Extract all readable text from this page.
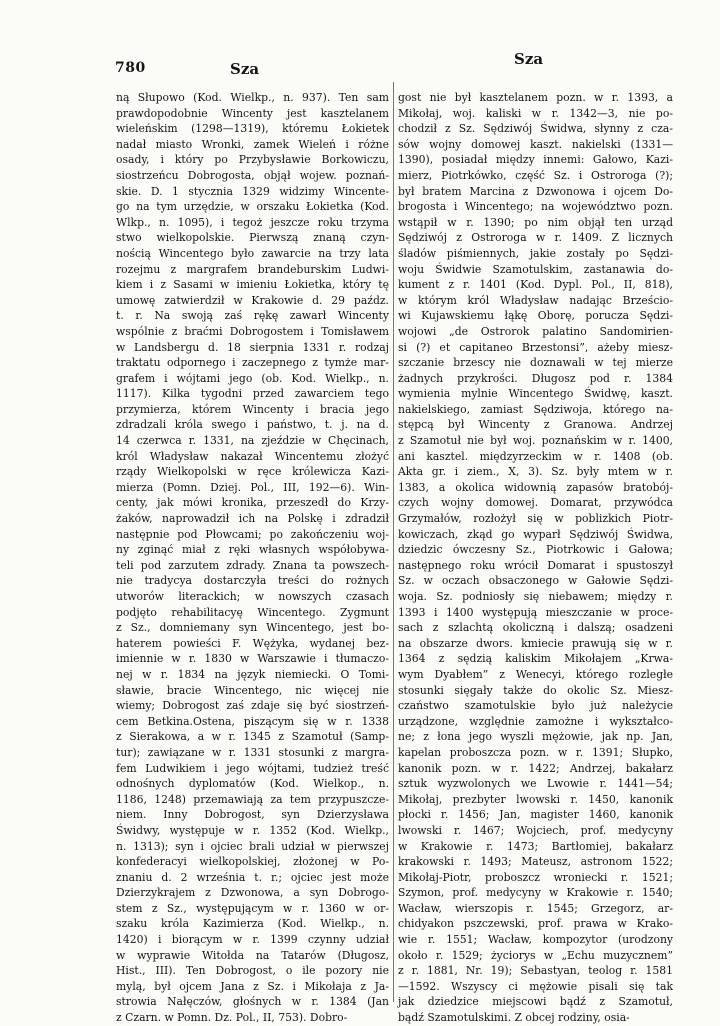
780	Sza
Sza
ną Słupowo (Kod. Wielkp., n. 937). Ten sam
prawdopodobnie Wincenty jest kasztelanem
wieleńskim (1298—1319), któremu Łokietek
nadał miasto Wronki, zamek Wieleń i różne
osady, i który po Przybysławie Borkowiczu,
siostrzeńcu Dobrogosta, objął wojew. poznań-
skie. D. 1 stycznia 1329 widzimy Wincente-
go na tym urzędzie, w orszaku Łokietka (Kod.
Wlkp., n. 1095), i tegoż jeszcze roku trzyma
stwo wielkopolskie. Pierwszą znaną czyn-
nością Wincentego było zawarcie na trzy lata
rozejmu z margrafem brandeburskim Ludwi-
kiem i z Sasami w imieniu Łokietka, który tę
umowę zatwierdził w Krakowie d. 29 paźdz.
t. r. Na swoją zaś rękę zawarł Wincenty
wspólnie z braćmi Dobrogostem i Tomisławem
w Landsbergu d. 18 sierpnia 1331 r. rodzaj
traktatu odpornego i zaczepnego z tymże mar-
grafem i wójtami jego (ob. Kod. Wielkp., n.
1117). Kilka tygodni przed zawarciem tego
przymierza, którem Wincenty i bracia jego
zdradzali króla swego i państwo, t. j. na d.
14 czerwca r. 1331, na zjeździe w Chęcinach,
król Władysław nakazał Wincentemu złożyć
rządy Wielkopolski w ręce królewicza Kazi-
mierza (Pomn. Dziej. Pol., III, 192—6). Win-
centy, jak mówi kronika, przeszedł do Krzy-
żaków, naprowadził ich na Polskę i zdradził
następnie pod Płowcami; po zakończeniu woj-
ny zginąć miał z ręki własnych współobywa-
teli pod zarzutem zdrady. Znana ta powszech-
nie tradycya dostarczyła treści do rożnych
utworów literackich; w nowszych czasach
podjęto rehabilitacyę Wincentego. Zygmunt
z Sz., domniemany syn Wincentego, jest bo-
haterem powieści F. Wężyka, wydanej bez-
imiennie w r. 1830 w Warszawie i tłumaczo-
nej w r. 1834 na język niemiecki. O Tomi-
sławie, bracie Wincentego, nic więcej nie
wiemy; Dobrogost zaś zdaje się być siostrzeń-
cem Betkina.Ostena, piszącym się w r. 1338
z Sierakowa, a w r. 1345 z Szamotuł (Samp-
tur); zawiązane w r. 1331 stosunki z margra-
fem Ludwikiem i jego wójtami, tudzież treść
odnośnych dyplomatów (Kod. Wielkop., n.
1186, 1248) przemawiają za tem przypuszcze-
niem. Inny Dobrogost, syn Dzierzysława
Świdwy, występuje w r. 1352 (Kod. Wielkp.,
n. 1313); syn i ojciec brali udział w pierwszej
konfederacyi wielkopolskiej, złożonej w Po-
znaniu d. 2 września t. r.; ojciec jest może
Dzierzykrajem z Dzwonowa, a syn Dobrogo-
stem z Sz., występującym w r. 1360 w or-
szaku króla Kazimierza (Kod. Wielkp., n.
1420) i biorącym w r. 1399 czynny udział
w wyprawie Witołda na Tatarów (Długosz,
Hist., III). Ten Dobrogost, o ile pozory nie
mylą, był ojcem Jana z Sz. i Mikołaja z Ja-
strowia Nałęczów, głośnych w r. 1384 (Jan
z Czarn. w Pomn. Dz. Pol., II, 753). Dobro-
gost nie był kasztelanem pozn. w r. 1393, a
Mikołaj, woj. kaliski w r. 1342—3, nie po-
chodził z Sz. Sędziwój Świdwa, słynny z cza-
sów wojny domowej kaszt. nakielski (1331—
1390), posiadał między innemi: Gałowo, Kazi-
mierz, Piotrkówko, część Sz. i Ostroroga (?);
był bratem Marcina z Dzwonowa i ojcem Do-
brogosta i Wincentego; na województwo pozn.
wstąpił w r. 1390; po nim objął ten urząd
Sędziwój z Ostroroga w r. 1409. Z licznych
śladów piśmiennych, jakie zostały po Sędzi-
woju Świdwie Szamotulskim, zastanawia do-
kument z r. 1401 (Kod. Dypl. Pol., II, 818),
w którym król Władysław nadając Brześcio-
wi Kujawskiemu łąkę Oborę, porucza Sędzi-
wojowi „de Ostrorok palatino Sandomirien-
si (?) et capitaneo Brzestonsi”, ażeby miesz-
szczanie brzescy nie doznawali w tej mierze
żadnych przykrości. Długosz pod r. 1384
wymienia mylnie Wincentego Świdwę, kaszt.
nakielskiego, zamiast Sędziwoja, którego na-
stępcą był Wincenty z Granowa. Andrzej
z Szamotuł nie był woj. poznańskim w r. 1400,
ani kasztel. międzyrzeckim w r. 1408 (ob.
Akta gr. i ziem., X, 3). Sz. były mtem w r.
1383, a okolica widownią zapasów bratobój-
czych wojny domowej. Domarat, przywódca
Grzymałów, rozłożył się w poblizkich Piotr-
kowiczach, zkąd go wyparł Sędziwój Świdwa,
dziedzic ówczesny Sz., Piotrkowic i Gałowa;
następnego roku wrócił Domarat i spustoszył
Sz. w oczach obsaczonego w Gałowie Sędzi-
woja. Sz. podniosły się niebawem; między r.
1393 i 1400 występują mieszczanie w proce-
sach z szlachtą okoliczną i dalszą; osadzeni
na obszarze dwors. kmiecie prawują się w r.
1364 z sędzią kaliskim Mikołajem „Krwa-
wym Dyabłem” z Wenecyi, którego rozległe
stosunki sięgały także do okolic Sz. Miesz-
czaństwo szamotulskie było już należycie
urządzone, względnie zamożne i wykształco-
ne; z łona jego wyszli mężowie, jak np. Jan,
kapelan proboszcza pozn. w r. 1391; Słupko,
kanonik pozn. w r. 1422; Andrzej, bakałarz
sztuk wyzwolonych we Lwowie r. 1441—54;
Mikołaj, prezbyter lwowski r. 1450, kanonik
płocki r. 1456; Jan, magister 1460, kanonik
lwowski r. 1467; Wojciech, prof. medycyny
w Krakowie r. 1473; Bartłomiej, bakałarz
krakowski r. 1493; Mateusz, astronom 1522;
Mikołaj-Piotr, proboszcz wroniecki r. 1521;
Szymon, prof. medycyny w Krakowie r. 1540;
Wacław, wierszopis r. 1545; Grzegorz, ar-
chidyakon pszczewski, prof. prawa w Krako-
wie r. 1551; Wacław, kompozytor (urodzony
około r. 1529; życiorys w „Echu muzycznem”
z r. 1881, Nr. 19); Sebastyan, teolog r. 1581
—1592. Wszyscy ci mężowie pisali się tak
jak dziedzice miejscowi bądź z Szamotuł,
bądź Szamotulskimi. Z obcej rodziny, osia-
